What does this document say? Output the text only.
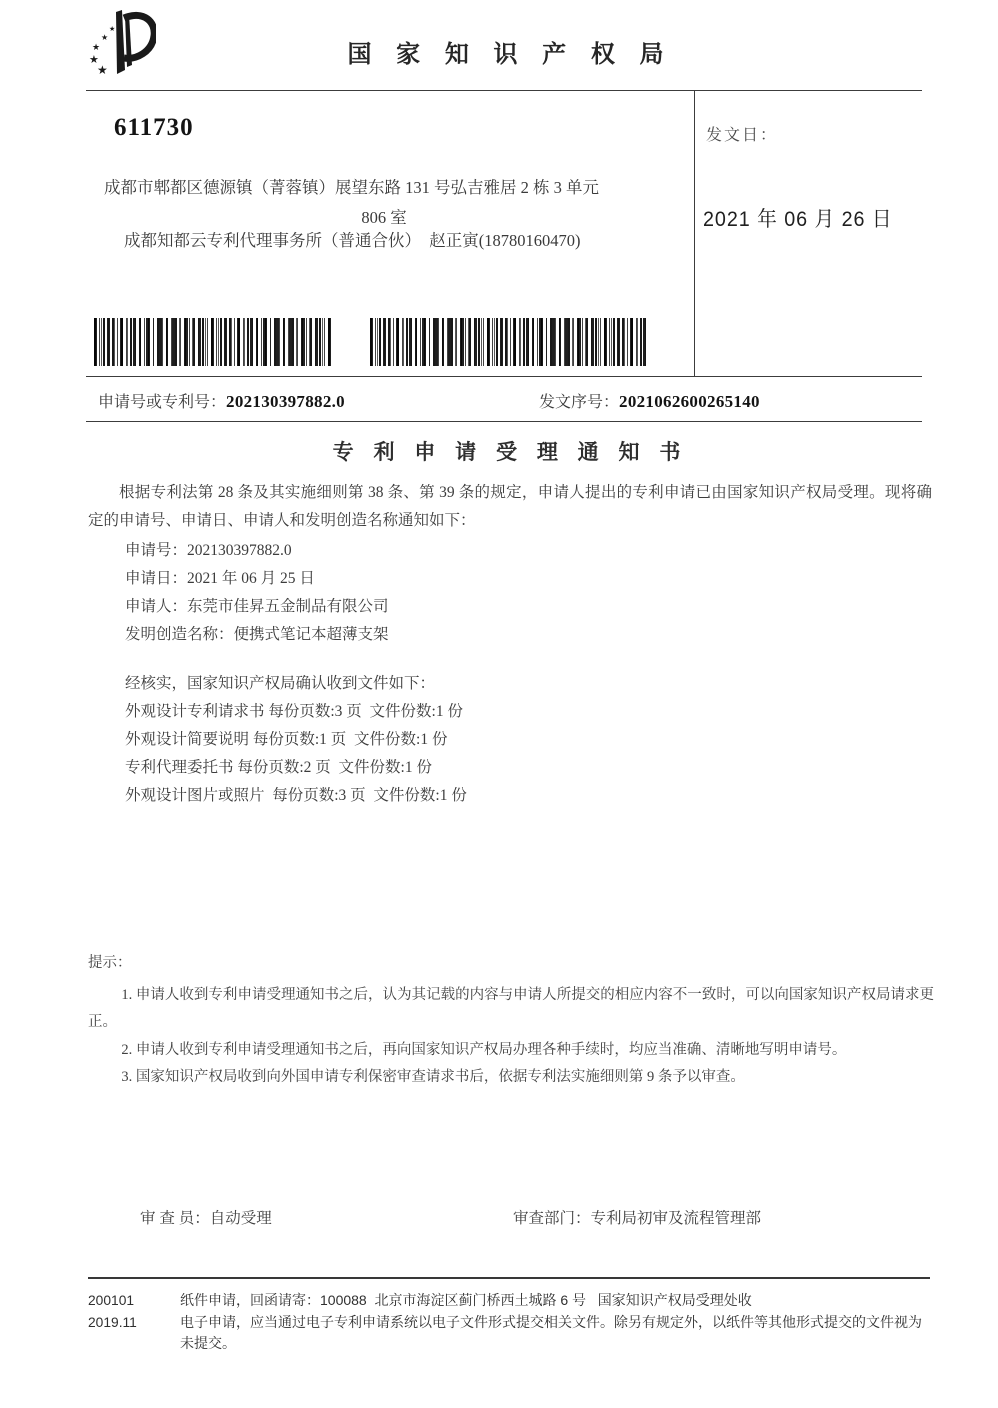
★
★
★
★
★
国 家 知 识 产 权 局
611730
成都市郫都区德源镇（菁蓉镇）展望东路 131 号弘吉雅居 2 栋 3 单元
806 室
成都知都云专利代理事务所（普通合伙）  赵正寅(18780160470)
发文日：
2021 年 06 月 26 日
申请号或专利号：202130397882.0	发文序号：2021062600265140
专 利 申 请 受 理 通 知 书

根据专利法第 28 条及其实施细则第 38 条、第 39 条的规定，申请人提出的专利申请已由国家知识产权局受理。现将确定的申请号、申请日、申请人和发明创造名称通知如下：

申请号：202130397882.0

申请日：2021 年 06 月 25 日

申请人：东莞市佳昇五金制品有限公司

发明创造名称：便携式笔记本超薄支架

经核实，国家知识产权局确认收到文件如下：

外观设计专利请求书 每份页数:3 页  文件份数:1 份

外观设计简要说明 每份页数:1 页  文件份数:1 份

专利代理委托书 每份页数:2 页  文件份数:1 份

外观设计图片或照片  每份页数:3 页  文件份数:1 份

提示：

1. 申请人收到专利申请受理通知书之后，认为其记载的内容与申请人所提交的相应内容不一致时，可以向国家知识产权局请求更正。

2. 申请人收到专利申请受理通知书之后，再向国家知识产权局办理各种手续时，均应当准确、清晰地写明申请号。

3. 国家知识产权局收到向外国申请专利保密审查请求书后，依据专利法实施细则第 9 条予以审查。

审 查 员：自动受理	审查部门：专利局初审及流程管理部

200101

2019.11

纸件申请，回函请寄：100088  北京市海淀区蓟门桥西土城路 6 号   国家知识产权局受理处收

电子申请，应当通过电子专利申请系统以电子文件形式提交相关文件。除另有规定外，以纸件等其他形式提交的文件视为未提交。
